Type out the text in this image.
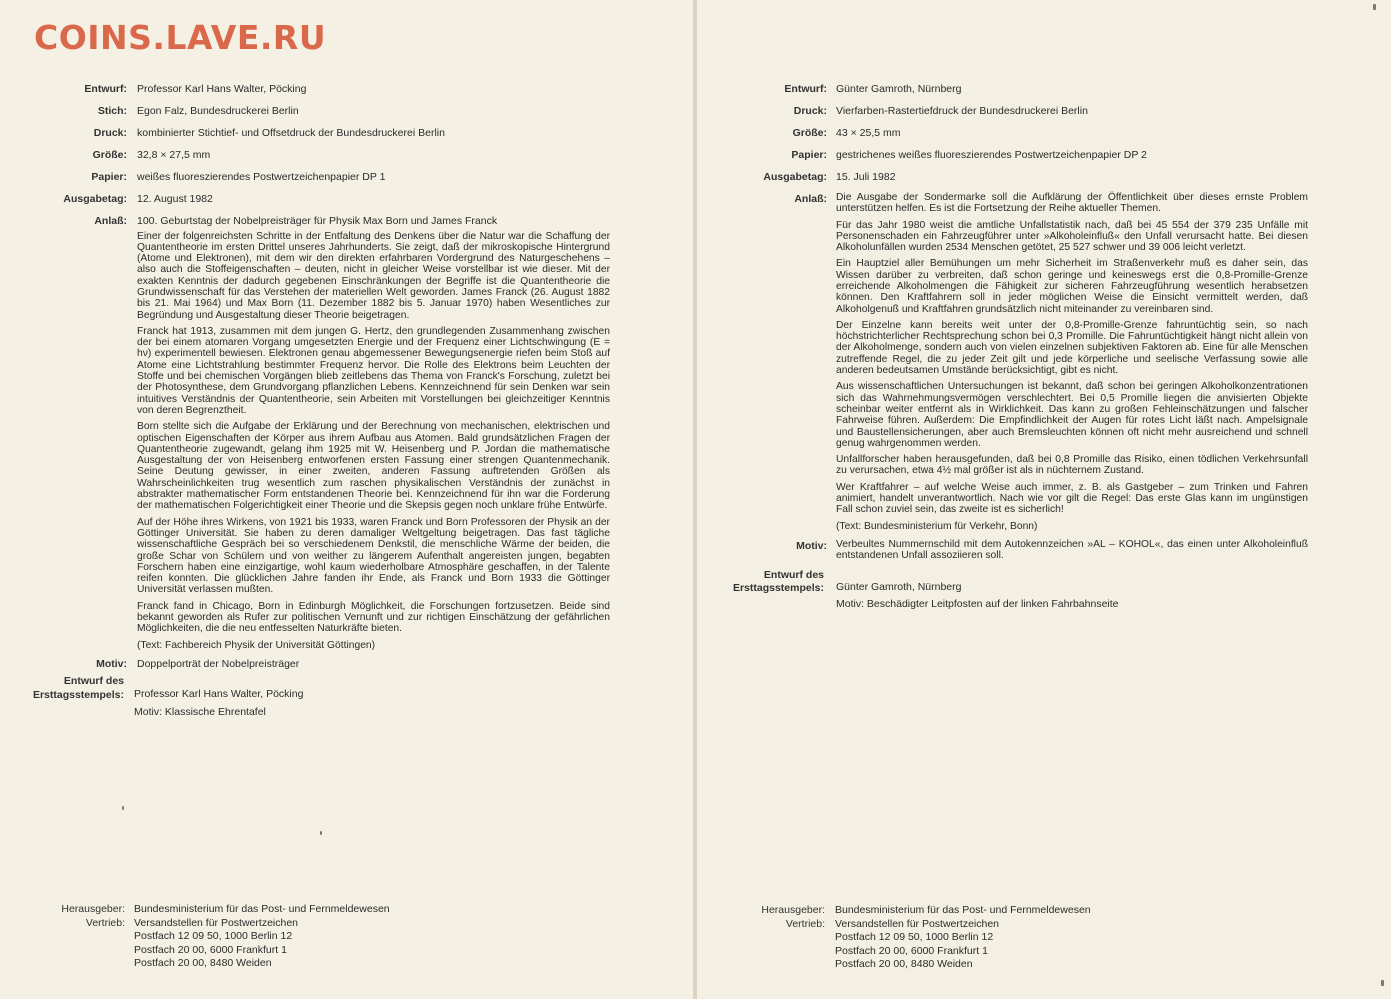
COINS.LAVE.RU
Entwurf: Professor Karl Hans Walter, Pöcking
Stich: Egon Falz, Bundesdruckerei Berlin
Druck: kombinierter Stichtief- und Offsetdruck der Bundesdruckerei Berlin
Größe: 32,8 × 27,5 mm
Papier: weißes fluoreszierendes Postwertzeichenpapier DP 1
Ausgabetag: 12. August 1982
Anlaß: 100. Geburtstag der Nobelpreisträger für Physik Max Born und James Franck

Einer der folgenreichsten Schritte in der Entfaltung des Denkens über die Natur war die Schaffung der Quantentheorie im ersten Drittel unseres Jahrhunderts. Sie zeigt, daß der mikroskopische Hintergrund (Atome und Elektronen), mit dem wir den direkten erfahrbaren Vordergrund des Naturgeschehens – also auch die Stoffeigenschaften – deuten, nicht in gleicher Weise vorstellbar ist wie dieser. Mit der exakten Kenntnis der dadurch gegebenen Einschränkungen der Begriffe ist die Quantentheorie die Grundwissenschaft für das Verstehen der materiellen Welt geworden. James Franck (26. August 1882 bis 21. Mai 1964) und Max Born (11. Dezember 1882 bis 5. Januar 1970) haben Wesentliches zur Begründung und Ausgestaltung dieser Theorie beigetragen.

Franck hat 1913, zusammen mit dem jungen G. Hertz, den grundlegenden Zusammenhang zwischen der bei einem atomaren Vorgang umgesetzten Energie und der Frequenz einer Lichtschwingung (E = hν) experimentell bewiesen. Elektronen genau abgemessener Bewegungsenergie riefen beim Stoß auf Atome eine Lichtstrahlung bestimmter Frequenz hervor. Die Rolle des Elektrons beim Leuchten der Stoffe und bei chemischen Vorgängen blieb zeitlebens das Thema von Franck's Forschung, zuletzt bei der Photosynthese, dem Grundvorgang pflanzlichen Lebens. Kennzeichnend für sein Denken war sein intuitives Verständnis der Quantentheorie, sein Arbeiten mit Vorstellungen bei gleichzeitiger Kenntnis von deren Begrenztheit.

Born stellte sich die Aufgabe der Erklärung und der Berechnung von mechanischen, elektrischen und optischen Eigenschaften der Körper aus ihrem Aufbau aus Atomen. Bald grundsätzlichen Fragen der Quantentheorie zugewandt, gelang ihm 1925 mit W. Heisenberg und P. Jordan die mathematische Ausgestaltung der von Heisenberg entworfenen ersten Fassung einer strengen Quantenmechanik. Seine Deutung gewisser, in einer zweiten, anderen Fassung auftretenden Größen als Wahrscheinlichkeiten trug wesentlich zum raschen physikalischen Verständnis der zunächst in abstrakter mathematischer Form entstandenen Theorie bei. Kennzeichnend für ihn war die Forderung der mathematischen Folgerichtigkeit einer Theorie und die Skepsis gegen noch unklare frühe Entwürfe.

Auf der Höhe ihres Wirkens, von 1921 bis 1933, waren Franck und Born Professoren der Physik an der Göttinger Universität. Sie haben zu deren damaliger Weltgeltung beigetragen. Das fast tägliche wissenschaftliche Gespräch bei so verschiedenem Denkstil, die menschliche Wärme der beiden, die große Schar von Schülern und von weither zu längerem Aufenthalt angereisten jungen, begabten Forschern haben eine einzigartige, wohl kaum wiederholbare Atmosphäre geschaffen, in der Talente reifen konnten. Die glücklichen Jahre fanden ihr Ende, als Franck und Born 1933 die Göttinger Universität verlassen mußten.

Franck fand in Chicago, Born in Edinburgh Möglichkeit, die Forschungen fortzusetzen. Beide sind bekannt geworden als Rufer zur politischen Vernunft und zur richtigen Einschätzung der gefährlichen Möglichkeiten, die die neu entfesselten Naturkräfte bieten.

(Text: Fachbereich Physik der Universität Göttingen)

Motiv: Doppelporträt der Nobelpreisträger
Entwurf des
Ersttagsstempels: Professor Karl Hans Walter, Pöcking
Motiv: Klassische Ehrentafel
Herausgeber: Bundesministerium für das Post- und Fernmeldewesen
Vertrieb: Versandstellen für Postwertzeichen
Postfach 12 09 50, 1000 Berlin 12
Postfach 20 00, 6000 Frankfurt 1
Postfach 20 00, 8480 Weiden
Entwurf: Günter Gamroth, Nürnberg
Druck: Vierfarben-Rastertiefdruck der Bundesdruckerei Berlin
Größe: 43 × 25,5 mm
Papier: gestrichenes weißes fluoreszierendes Postwertzeichenpapier DP 2
Ausgabetag: 15. Juli 1982
Anlaß: Die Ausgabe der Sondermarke soll die Aufklärung der Öffentlichkeit über dieses ernste Problem unterstützen helfen. Es ist die Fortsetzung der Reihe aktueller Themen.

Für das Jahr 1980 weist die amtliche Unfallstatistik nach, daß bei 45 554 der 379 235 Unfälle mit Personenschaden ein Fahrzeugführer unter »Alkoholeinfluß« den Unfall verursacht hatte. Bei diesen Alkoholunfällen wurden 2534 Menschen getötet, 25 527 schwer und 39 006 leicht verletzt.

Ein Hauptziel aller Bemühungen um mehr Sicherheit im Straßenverkehr muß es daher sein, das Wissen darüber zu verbreiten, daß schon geringe und keineswegs erst die 0,8-Promille-Grenze erreichende Alkoholmengen die Fähigkeit zur sicheren Fahrzeugführung wesentlich herabsetzen können. Den Kraftfahrern soll in jeder möglichen Weise die Einsicht vermittelt werden, daß Alkoholgenuß und Kraftfahren grundsätzlich nicht miteinander zu vereinbaren sind.

Der Einzelne kann bereits weit unter der 0,8-Promille-Grenze fahruntüchtig sein, so nach höchstrichterlicher Rechtsprechung schon bei 0,3 Promille. Die Fahruntüchtigkeit hängt nicht allein von der Alkoholmenge, sondern auch von vielen einzelnen subjektiven Faktoren ab. Eine für alle Menschen zutreffende Regel, die zu jeder Zeit gilt und jede körperliche und seelische Verfassung sowie alle anderen bedeutsamen Umstände berücksichtigt, gibt es nicht.

Aus wissenschaftlichen Untersuchungen ist bekannt, daß schon bei geringen Alkoholkonzentrationen sich das Wahrnehmungsvermögen verschlechtert. Bei 0,5 Promille liegen die anvisierten Objekte scheinbar weiter entfernt als in Wirklichkeit. Das kann zu großen Fehleinschätzungen und falscher Fahrweise führen. Außerdem: Die Empfindlichkeit der Augen für rotes Licht läßt nach. Ampelsignale und Baustellensicherungen, aber auch Bremsleuchten können oft nicht mehr ausreichend und schnell genug wahrgenommen werden.

Unfallforscher haben herausgefunden, daß bei 0,8 Promille das Risiko, einen tödlichen Verkehrsunfall zu verursachen, etwa 4½ mal größer ist als in nüchternem Zustand.

Wer Kraftfahrer – auf welche Weise auch immer, z. B. als Gastgeber – zum Trinken und Fahren animiert, handelt unverantwortlich. Nach wie vor gilt die Regel: Das erste Glas kann im ungünstigen Fall schon zuviel sein, das zweite ist es sicherlich!

(Text: Bundesministerium für Verkehr, Bonn)

Motiv: Verbeultes Nummernschild mit dem Autokennzeichen »AL – KOHOL«, das einen unter Alkoholeinfluß entstandenen Unfall assoziieren soll.
Entwurf des
Ersttagsstempels: Günter Gamroth, Nürnberg
Motiv: Beschädigter Leitpfosten auf der linken Fahrbahnseite
Herausgeber: Bundesministerium für das Post- und Fernmeldewesen
Vertrieb: Versandstellen für Postwertzeichen
Postfach 12 09 50, 1000 Berlin 12
Postfach 20 00, 6000 Frankfurt 1
Postfach 20 00, 8480 Weiden
